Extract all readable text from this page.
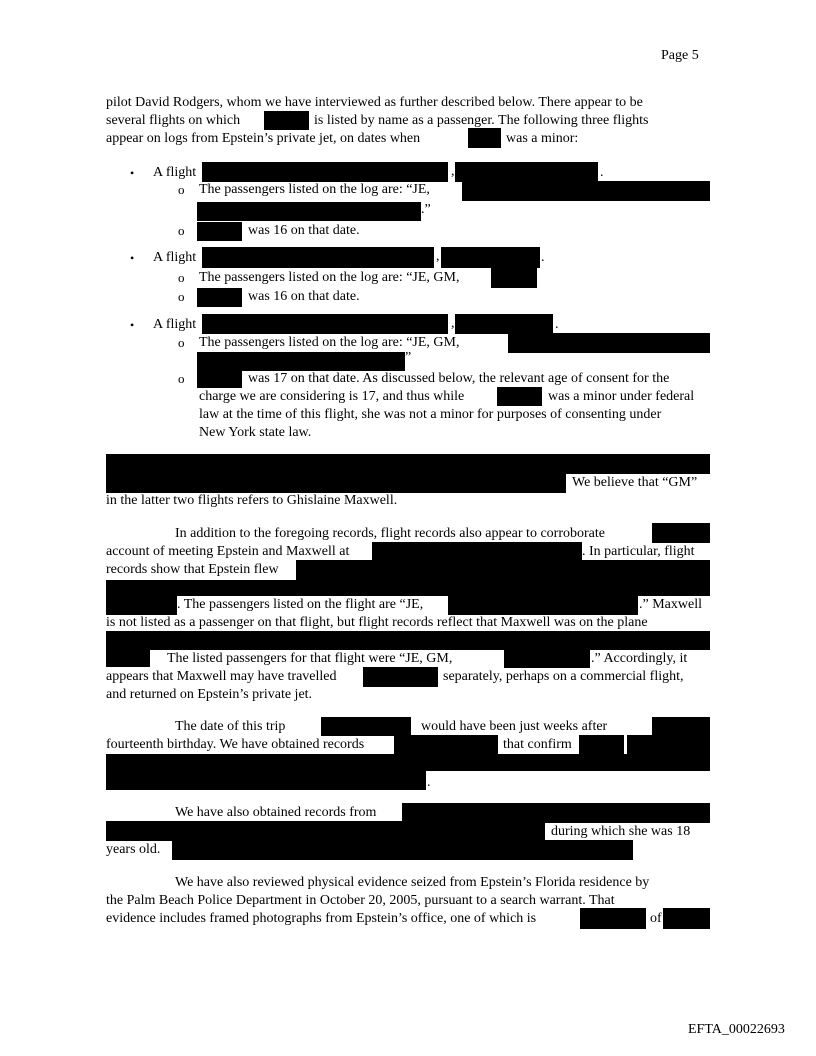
Page 5
pilot David Rodgers, whom we have interviewed as further described below. There appear to be
several flights on which	is listed by name as a passenger. The following three flights
appear on logs from Epstein’s private jet, on dates when	was a minor:
• A flight	,	.
o The passengers listed on the log are: “JE,
.”
o	was 16 on that date.
• A flight	,	.
o The passengers listed on the log are: “JE, GM,
o	was 16 on that date.
• A flight	,	.
o The passengers listed on the log are: “JE, GM,
”
o	was 17 on that date. As discussed below, the relevant age of consent for the
charge we are considering is 17, and thus while	was a minor under federal
law at the time of this flight, she was not a minor for purposes of consenting under
New York state law.
We believe that “GM”
in the latter two flights refers to Ghislaine Maxwell.
In addition to the foregoing records, flight records also appear to corroborate
account of meeting Epstein and Maxwell at	. In particular, flight
records show that Epstein flew
. The passengers listed on the flight are “JE,	.” Maxwell
is not listed as a passenger on that flight, but flight records reflect that Maxwell was on the plane
The listed passengers for that flight were “JE, GM,	.” Accordingly, it
appears that Maxwell may have travelled	separately, perhaps on a commercial flight,
and returned on Epstein’s private jet.
The date of this trip	would have been just weeks after
fourteenth birthday. We have obtained records	that confirm
.
We have also obtained records from
during which she was 18
years old.
We have also reviewed physical evidence seized from Epstein’s Florida residence by
the Palm Beach Police Department in October 20, 2005, pursuant to a search warrant. That
evidence includes framed photographs from Epstein’s office, one of which is	of
EFTA_00022693
